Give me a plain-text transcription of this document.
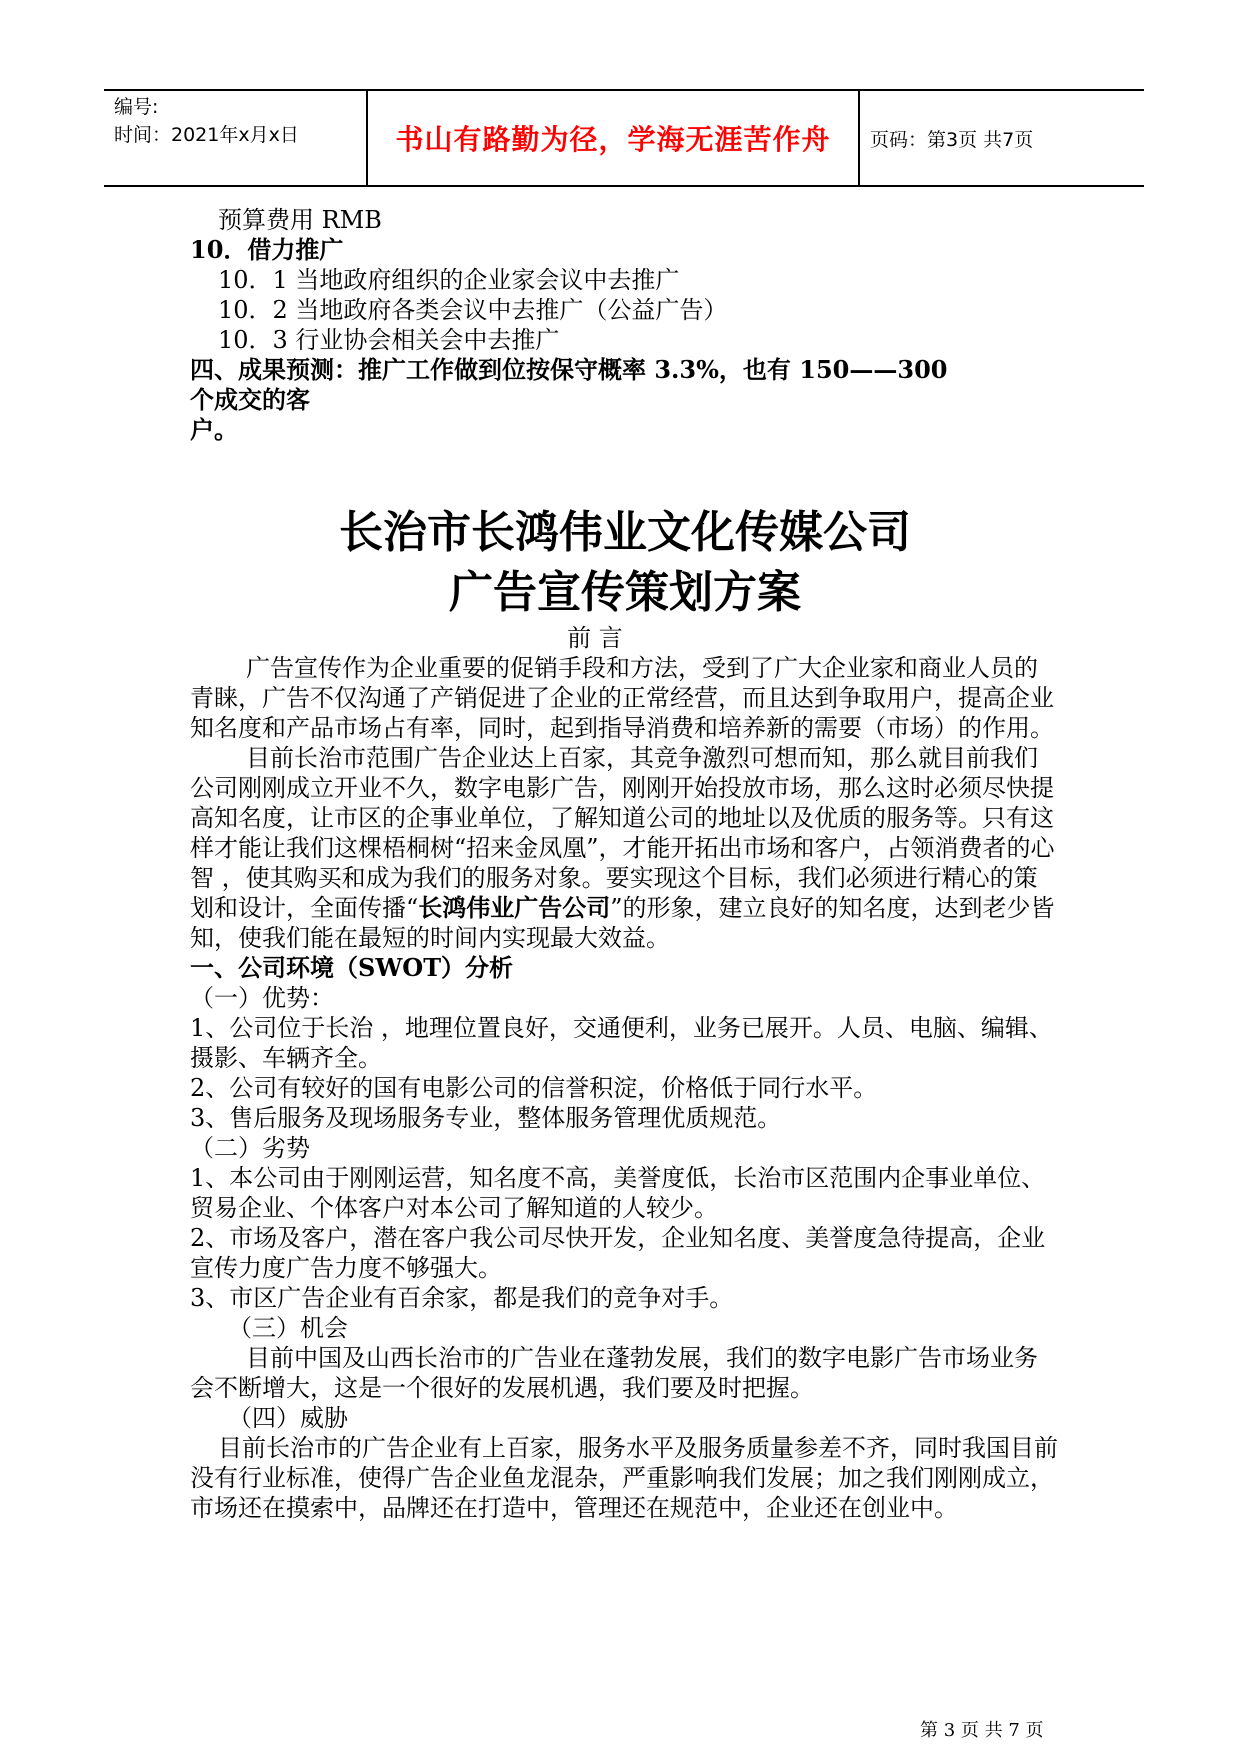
编号:
时间：2021年x月x日	书山有路勤为径，学海无涯苦作舟	页码：第3页 共7页

预算费用 RMB

10．借力推广

10．1 当地政府组织的企业家会议中去推广

10．2 当地政府各类会议中去推广（公益广告）

10．3 行业协会相关会中去推广

四、成果预测：推广工作做到位按保守概率 3.3%，也有 150——300

个成交的客

户。

长治市长鸿伟业文化传媒公司

广告宣传策划方案

前 言

广告宣传作为企业重要的促销手段和方法，受到了广大企业家和商业人员的青睐，广告不仅沟通了产销促进了企业的正常经营，而且达到争取用户，提高企业知名度和产品市场占有率，同时，起到指导消费和培养新的需要（市场）的作用。

目前长治市范围广告企业达上百家，其竞争激烈可想而知，那么就目前我们公司刚刚成立开业不久，数字电影广告，刚刚开始投放市场，那么这时必须尽快提高知名度，让市区的企事业单位，了解知道公司的地址以及优质的服务等。只有这样才能让我们这棵梧桐树“招来金凤凰”，才能开拓出市场和客户，占领消费者的心智 ，使其购买和成为我们的服务对象。要实现这个目标，我们必须进行精心的策划和设计，全面传播“长鸿伟业广告公司”的形象，建立良好的知名度，达到老少皆知，使我们能在最短的时间内实现最大效益。

一、公司环境（SWOT）分析

（一）优势：

1、公司位于长治 ，地理位置良好，交通便利，业务已展开。人员、电脑、编辑、摄影、车辆齐全。

2、公司有较好的国有电影公司的信誉积淀，价格低于同行水平。

3、售后服务及现场服务专业，整体服务管理优质规范。

（二）劣势

1、本公司由于刚刚运营，知名度不高，美誉度低，长治市区范围内企事业单位、贸易企业、个体客户对本公司了解知道的人较少。

2、市场及客户，潜在客户我公司尽快开发，企业知名度、美誉度急待提高，企业宣传力度广告力度不够强大。

3、市区广告企业有百余家，都是我们的竞争对手。

（三）机会

目前中国及山西长治市的广告业在蓬勃发展，我们的数字电影广告市场业务会不断增大，这是一个很好的发展机遇，我们要及时把握。

（四）威胁

目前长治市的广告企业有上百家，服务水平及服务质量参差不齐，同时我国目前没有行业标准，使得广告企业鱼龙混杂，严重影响我们发展；加之我们刚刚成立，市场还在摸索中，品牌还在打造中，管理还在规范中，企业还在创业中。

第 3 页 共 7 页
